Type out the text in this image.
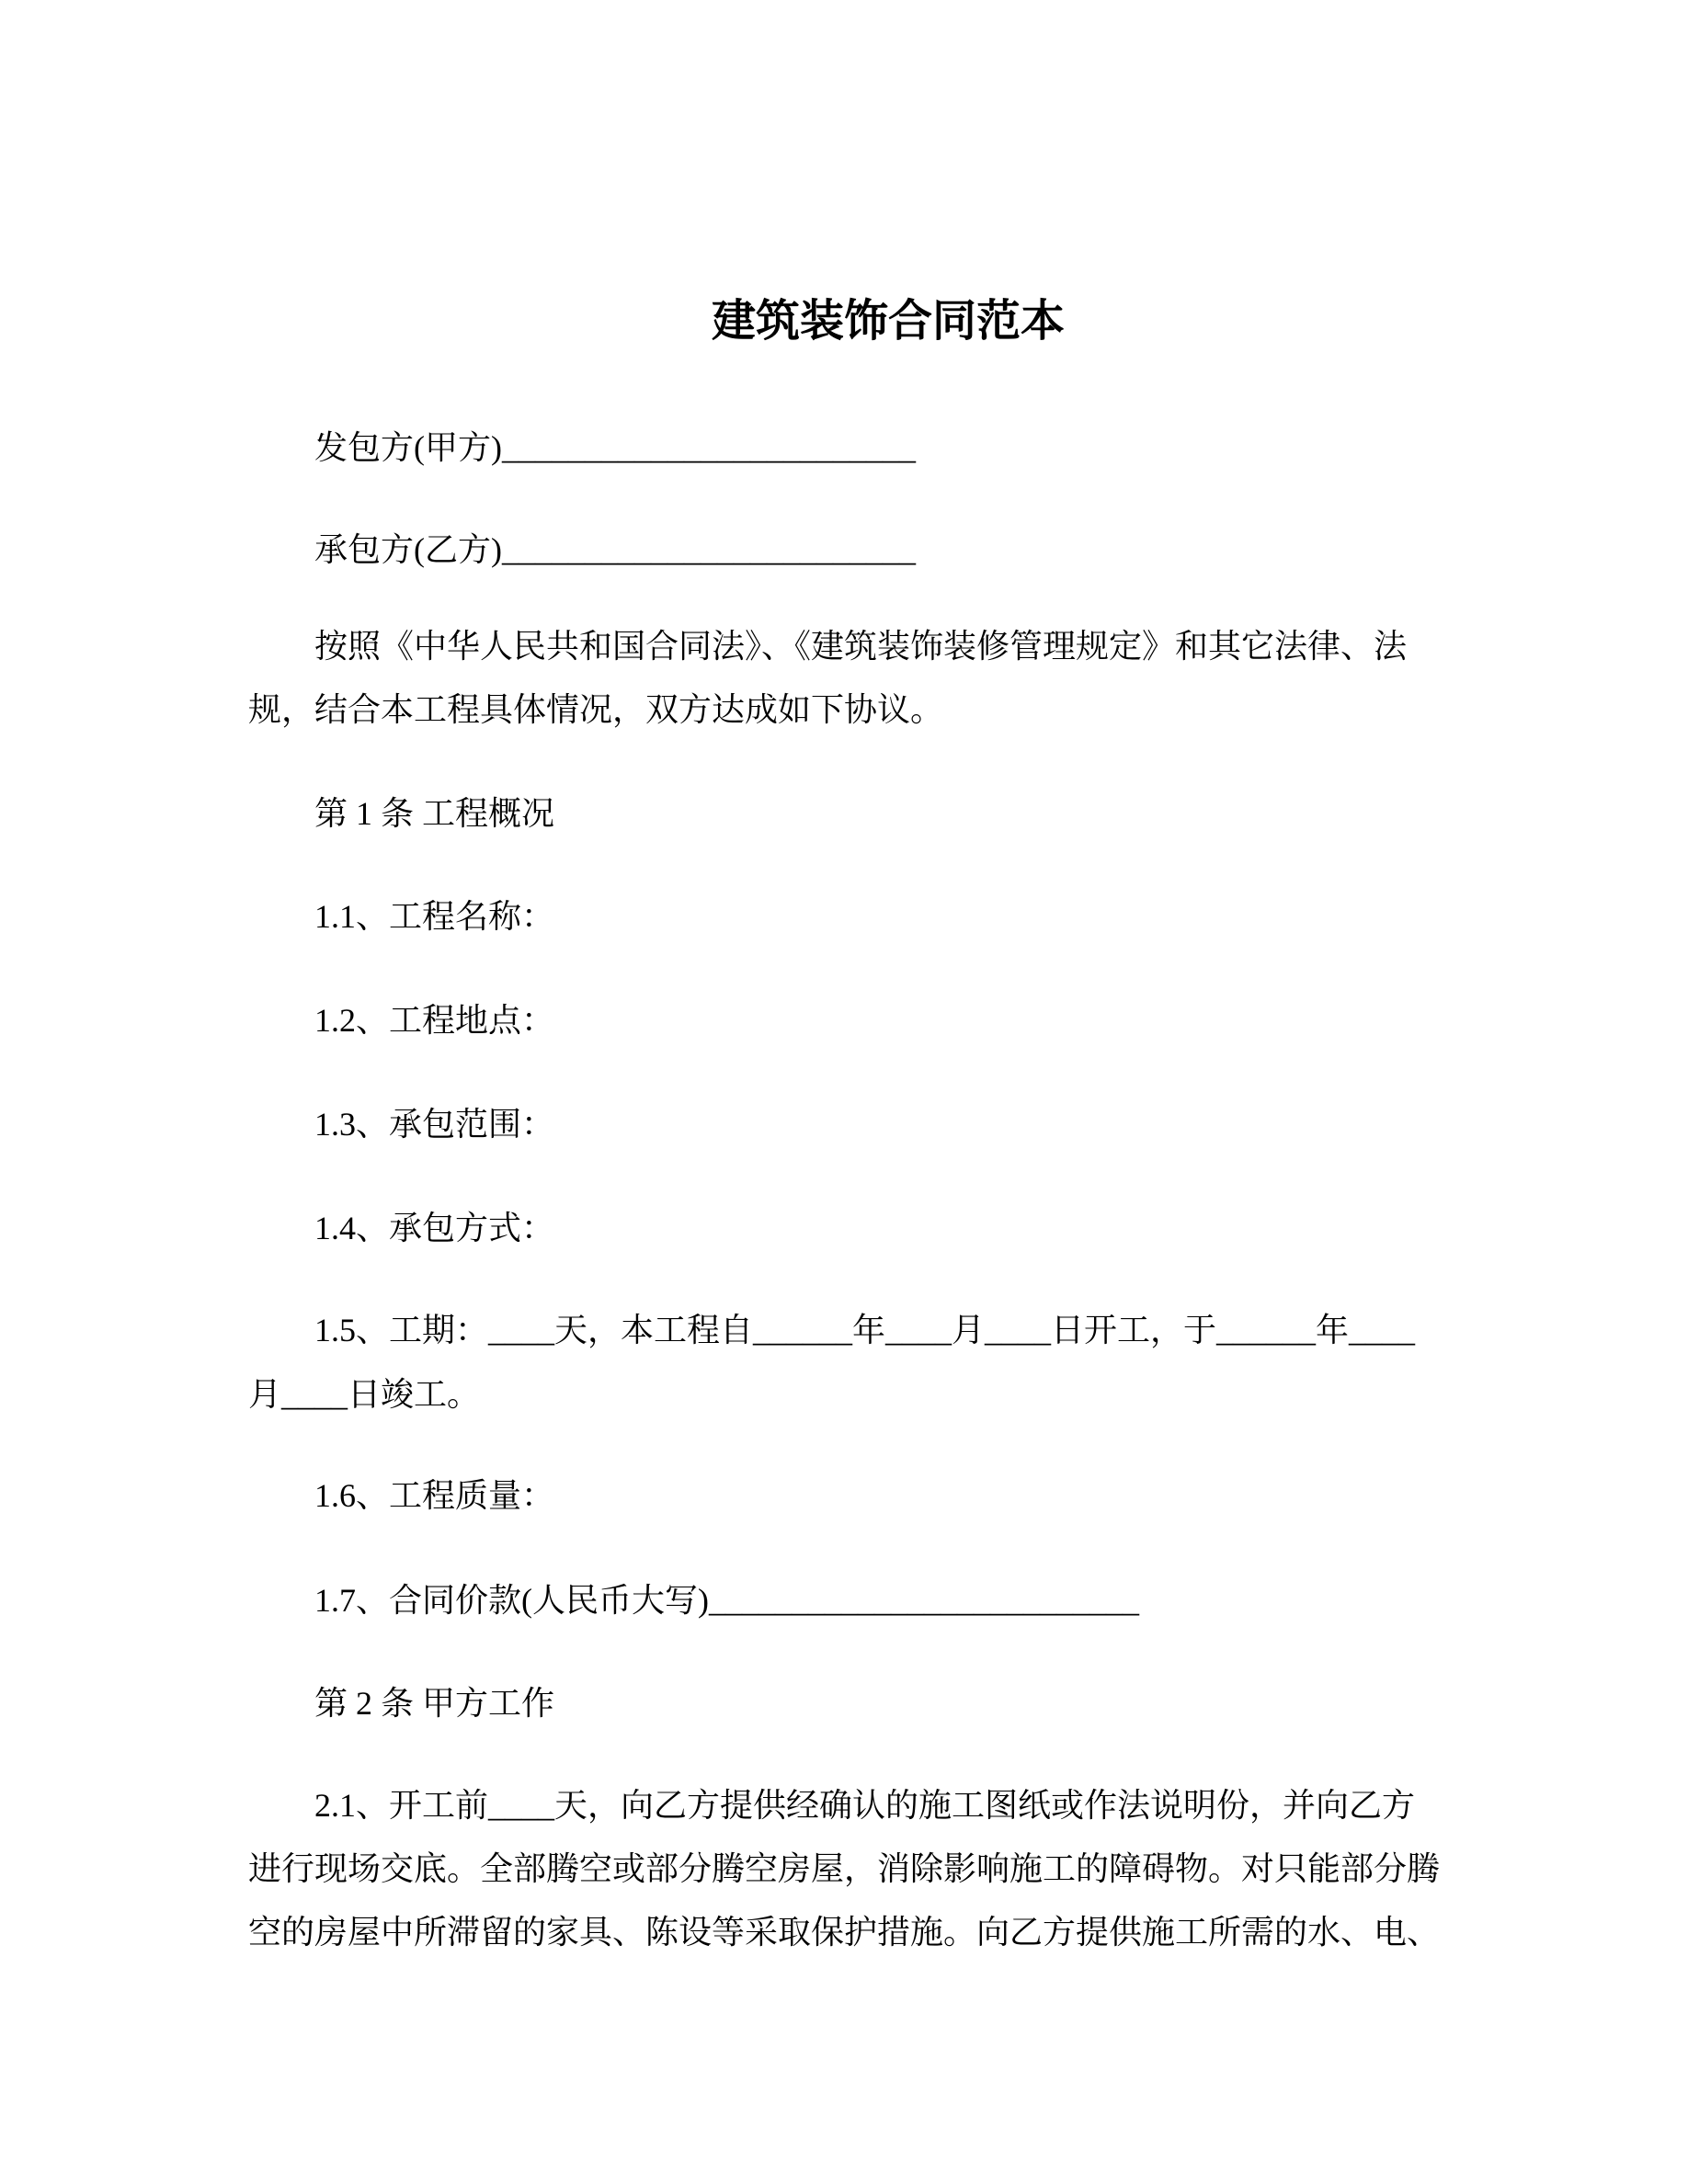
建筑装饰合同范本
发包方(甲方)_________________________
承包方(乙方)_________________________
按照《中华人民共和国合同法》、《建筑装饰装修管理规定》和其它法律、法
规，结合本工程具体情况，双方达成如下协议。
第 1 条 工程概况
1.1、工程名称：
1.2、工程地点：
1.3、承包范围：
1.4、承包方式：
1.5、工期：____天，本工程自______年____月____日开工，于______年____
月____日竣工。
1.6、工程质量：
1.7、合同价款(人民币大写)__________________________
第 2 条 甲方工作
2.1、开工前____天，向乙方提供经确认的施工图纸或作法说明份，并向乙方
进行现场交底。全部腾空或部分腾空房屋，消除影响施工的障碍物。对只能部分腾
空的房屋中所滞留的家具、陈设等采取保护措施。向乙方提供施工所需的水、电、
